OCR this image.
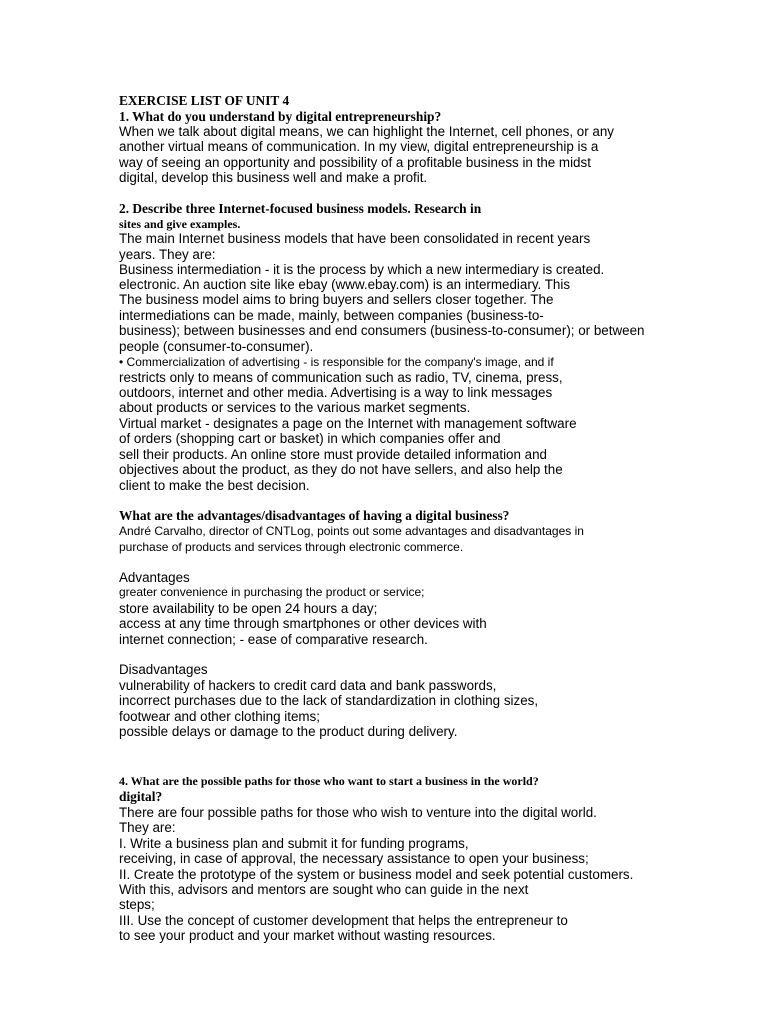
EXERCISE LIST OF UNIT 4
1. What do you understand by digital entrepreneurship?
When we talk about digital means, we can highlight the Internet, cell phones, or any
another virtual means of communication. In my view, digital entrepreneurship is a
way of seeing an opportunity and possibility of a profitable business in the midst
digital, develop this business well and make a profit.
2. Describe three Internet-focused business models. Research in
sites and give examples.
The main Internet business models that have been consolidated in recent years
years. They are:
Business intermediation - it is the process by which a new intermediary is created.
electronic. An auction site like ebay (www.ebay.com) is an intermediary. This
The business model aims to bring buyers and sellers closer together. The
intermediations can be made, mainly, between companies (business-to-
business); between businesses and end consumers (business-to-consumer); or between
people (consumer-to-consumer).
• Commercialization of advertising - is responsible for the company's image, and if
restricts only to means of communication such as radio, TV, cinema, press,
outdoors, internet and other media. Advertising is a way to link messages
about products or services to the various market segments.
Virtual market - designates a page on the Internet with management software
of orders (shopping cart or basket) in which companies offer and
sell their products. An online store must provide detailed information and
objectives about the product, as they do not have sellers, and also help the
client to make the best decision.
What are the advantages/disadvantages of having a digital business?
André Carvalho, director of CNTLog, points out some advantages and disadvantages in
purchase of products and services through electronic commerce.
Advantages
greater convenience in purchasing the product or service;
store availability to be open 24 hours a day;
access at any time through smartphones or other devices with
internet connection; - ease of comparative research.
Disadvantages
vulnerability of hackers to credit card data and bank passwords,
incorrect purchases due to the lack of standardization in clothing sizes,
footwear and other clothing items;
possible delays or damage to the product during delivery.
4. What are the possible paths for those who want to start a business in the world?
digital?
There are four possible paths for those who wish to venture into the digital world.
They are:
I. Write a business plan and submit it for funding programs,
receiving, in case of approval, the necessary assistance to open your business;
II. Create the prototype of the system or business model and seek potential customers.
With this, advisors and mentors are sought who can guide in the next
steps;
III. Use the concept of customer development that helps the entrepreneur to
to see your product and your market without wasting resources.
